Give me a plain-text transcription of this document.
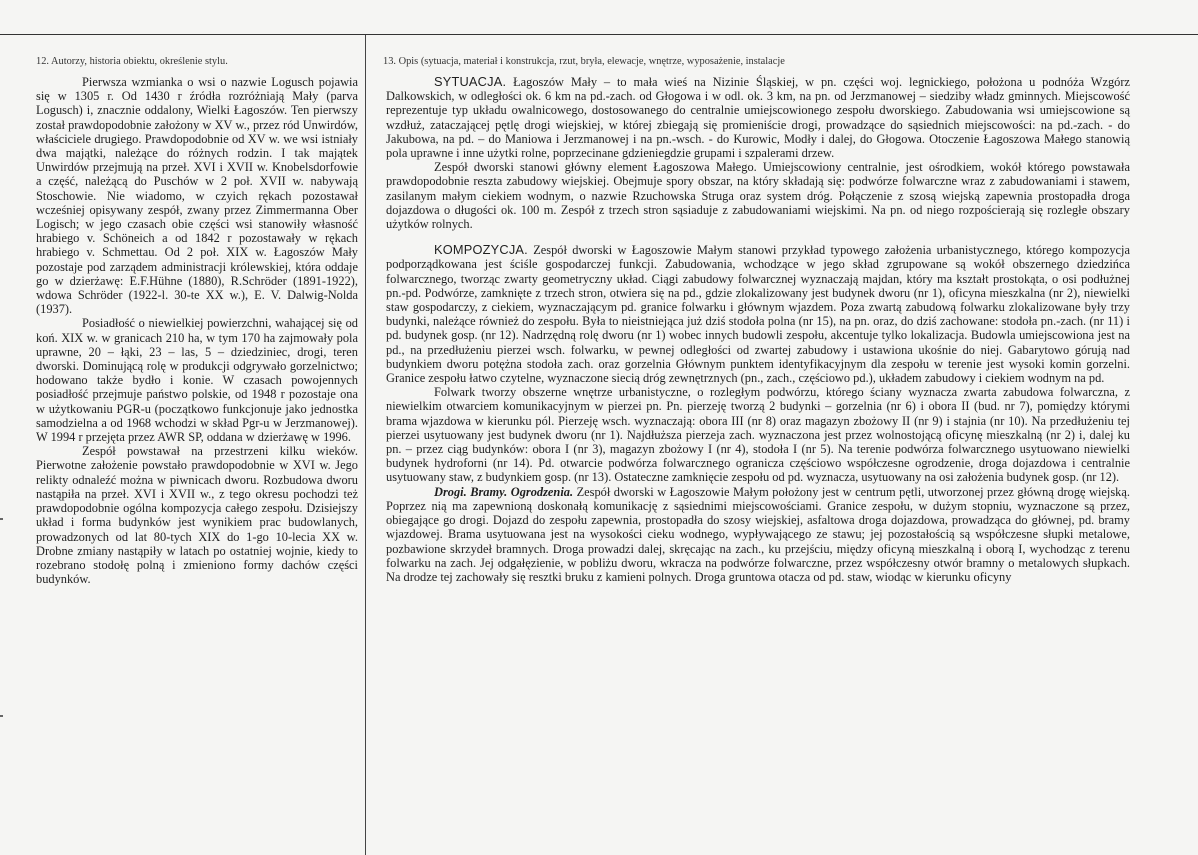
12. Autorzy, historia obiektu, określenie stylu.	13. Opis (sytuacja, materiał i konstrukcja, rzut, bryła, elewacje, wnętrze, wyposażenie, instalacje

Pierwsza wzmianka o wsi o nazwie Logusch pojawia się w 1305 r. Od 1430 r źródła rozróżniają Mały (parva Logusch) i, znacznie oddalony, Wielki Łagoszów. Ten pierwszy został prawdopodobnie założony w XV w., przez ród Unwirdów, właściciele drugiego. Prawdopodobnie od XV w. we wsi istniały dwa majątki, należące do różnych rodzin. I tak majątek Unwirdów przejmują na przeł. XVI i XVII w. Knobelsdorfowie a część, należącą do Puschów w 2 poł. XVII w. nabywają Stoschowie. Nie wiadomo, w czyich rękach pozostawał wcześniej opisywany zespół, zwany przez Zimmermanna Ober Logisch; w jego czasach obie części wsi stanowiły własność hrabiego v. Schöneich a od 1842 r pozostawały w rękach hrabiego v. Schmettau. Od 2 poł. XIX w. Łagoszów Mały pozostaje pod zarządem administracji królewskiej, która oddaje go w dzierżawę: E.F.Hühne (1880), R.Schröder (1891-1922), wdowa Schröder (1922-l. 30-te XX w.), E. V. Dalwig-Nolda (1937).

Posiadłość o niewielkiej powierzchni, wahającej się od koń. XIX w. w granicach 210 ha, w tym 170 ha zajmowały pola uprawne, 20 – łąki, 23 – las, 5 – dziedziniec, drogi, teren dworski. Dominującą rolę w produkcji odgrywało gorzelnictwo; hodowano także bydło i konie. W czasach powojennych posiadłość przejmuje państwo polskie, od 1948 r pozostaje ona w użytkowaniu PGR-u (początkowo funkcjonuje jako jednostka samodzielna a od 1968 wchodzi w skład Pgr-u w Jerzmanowej). W 1994 r przejęta przez AWR SP, oddana w dzierżawę w 1996.

Zespół powstawał na przestrzeni kilku wieków. Pierwotne założenie powstało prawdopodobnie w XVI w. Jego relikty odnaleźć można w piwnicach dworu. Rozbudowa dworu nastąpiła na przeł. XVI i XVII w., z tego okresu pochodzi też prawdopodobnie ogólna kompozycja całego zespołu. Dzisiejszy układ i forma budynków jest wynikiem prac budowlanych, prowadzonych od lat 80-tych XIX do 1-go 10-lecia XX w. Drobne zmiany nastąpiły w latach po ostatniej wojnie, kiedy to rozebrano stodołę polną i zmieniono formy dachów części budynków.

SYTUACJA. Łagoszów Mały – to mała wieś na Nizinie Śląskiej, w pn. części woj. legnickiego, położona u podnóża Wzgórz Dalkowskich, w odległości ok. 6 km na pd.-zach. od Głogowa i w odl. ok. 3 km, na pn. od Jerzmanowej – siedziby władz gminnych. Miejscowość reprezentuje typ układu owalnicowego, dostosowanego do centralnie umiejscowionego zespołu dworskiego. Zabudowania wsi umiejscowione są wzdłuż, zataczającej pętlę drogi wiejskiej, w której zbiegają się promieniście drogi, prowadzące do sąsiednich miejscowości: na pd.-zach. - do Jakubowa, na pd. – do Maniowa i Jerzmanowej i na pn.-wsch. - do Kurowic, Modły i dalej, do Głogowa. Otoczenie Łagoszowa Małego stanowią pola uprawne i inne użytki rolne, poprzecinane gdzieniegdzie grupami i szpalerami drzew.

Zespół dworski stanowi główny element Łagoszowa Małego. Umiejscowiony centralnie, jest ośrodkiem, wokół którego powstawała prawdopodobnie reszta zabudowy wiejskiej. Obejmuje spory obszar, na który składają się: podwórze folwarczne wraz z zabudowaniami i stawem, zasilanym małym ciekiem wodnym, o nazwie Rzuchowska Struga oraz system dróg. Połączenie z szosą wiejską zapewnia prostopadła droga dojazdowa o długości ok. 100 m. Zespół z trzech stron sąsiaduje z zabudowaniami wiejskimi. Na pn. od niego rozpościerają się rozległe obszary użytków rolnych.

KOMPOZYCJA. Zespół dworski w Łagoszowie Małym stanowi przykład typowego założenia urbanistycznego, którego kompozycja podporządkowana jest ściśle gospodarczej funkcji. Zabudowania, wchodzące w jego skład zgrupowane są wokół obszernego dziedzińca folwarcznego, tworząc zwarty geometryczny układ. Ciągi zabudowy folwarcznej wyznaczają majdan, który ma kształt prostokąta, o osi podłużnej pn.-pd. Podwórze, zamknięte z trzech stron, otwiera się na pd., gdzie zlokalizowany jest budynek dworu (nr 1), oficyna mieszkalna (nr 2), niewielki staw gospodarczy, z ciekiem, wyznaczającym pd. granice folwarku i głównym wjazdem. Poza zwartą zabudową folwarku zlokalizowane były trzy budynki, należące również do zespołu. Była to nieistniejąca już dziś stodoła polna (nr 15), na pn. oraz, do dziś zachowane: stodoła pn.-zach. (nr 11) i pd. budynek gosp. (nr 12). Nadrzędną rolę dworu (nr 1) wobec innych budowli zespołu, akcentuje tylko lokalizacja. Budowla umiejscowiona jest na pd., na przedłużeniu pierzei wsch. folwarku, w pewnej odległości od zwartej zabudowy i ustawiona ukośnie do niej. Gabarytowo górują nad budynkiem dworu potężna stodoła zach. oraz gorzelnia Głównym punktem identyfikacyjnym dla zespołu w terenie jest wysoki komin gorzelni. Granice zespołu łatwo czytelne, wyznaczone siecią dróg zewnętrznych (pn., zach., częściowo pd.), układem zabudowy i ciekiem wodnym na pd.

Folwark tworzy obszerne wnętrze urbanistyczne, o rozległym podwórzu, którego ściany wyznacza zwarta zabudowa folwarczna, z niewielkim otwarciem komunikacyjnym w pierzei pn. Pn. pierzeję tworzą 2 budynki – gorzelnia (nr 6) i obora II (bud. nr 7), pomiędzy którymi brama wjazdowa w kierunku pól. Pierzeję wsch. wyznaczają: obora III (nr 8) oraz magazyn zbożowy II (nr 9) i stajnia (nr 10). Na przedłużeniu tej pierzei usytuowany jest budynek dworu (nr 1). Najdłuższa pierzeja zach. wyznaczona jest przez wolnostojącą oficynę mieszkalną (nr 2) i, dalej ku pn. – przez ciąg budynków: obora I (nr 3), magazyn zbożowy I (nr 4), stodoła I (nr 5). Na terenie podwórza folwarcznego usytuowano niewielki budynek hydroforni (nr 14). Pd. otwarcie podwórza folwarcznego ogranicza częściowo współczesne ogrodzenie, droga dojazdowa i centralnie usytuowany staw, z budynkiem gosp. (nr 13). Ostateczne zamknięcie zespołu od pd. wyznacza, usytuowany na osi założenia budynek gosp. (nr 12).

Drogi. Bramy. Ogrodzenia. Zespół dworski w Łagoszowie Małym położony jest w centrum pętli, utworzonej przez główną drogę wiejską. Poprzez nią ma zapewnioną doskonałą komunikację z sąsiednimi miejscowościami. Granice zespołu, w dużym stopniu, wyznaczone są przez, obiegające go drogi. Dojazd do zespołu zapewnia, prostopadła do szosy wiejskiej, asfaltowa droga dojazdowa, prowadząca do głównej, pd. bramy wjazdowej. Brama usytuowana jest na wysokości cieku wodnego, wypływającego ze stawu; jej pozostałością są współczesne słupki metalowe, pozbawione skrzydeł bramnych. Droga prowadzi dalej, skręcając na zach., ku przejściu, między oficyną mieszkalną i oborą I, wychodząc z terenu folwarku na zach. Jej odgałęzienie, w pobliżu dworu, wkracza na podwórze folwarczne, przez współczesny otwór bramny o metalowych słupkach. Na drodze tej zachowały się resztki bruku z kamieni polnych. Droga gruntowa otacza od pd. staw, wiodąc w kierunku oficyny
